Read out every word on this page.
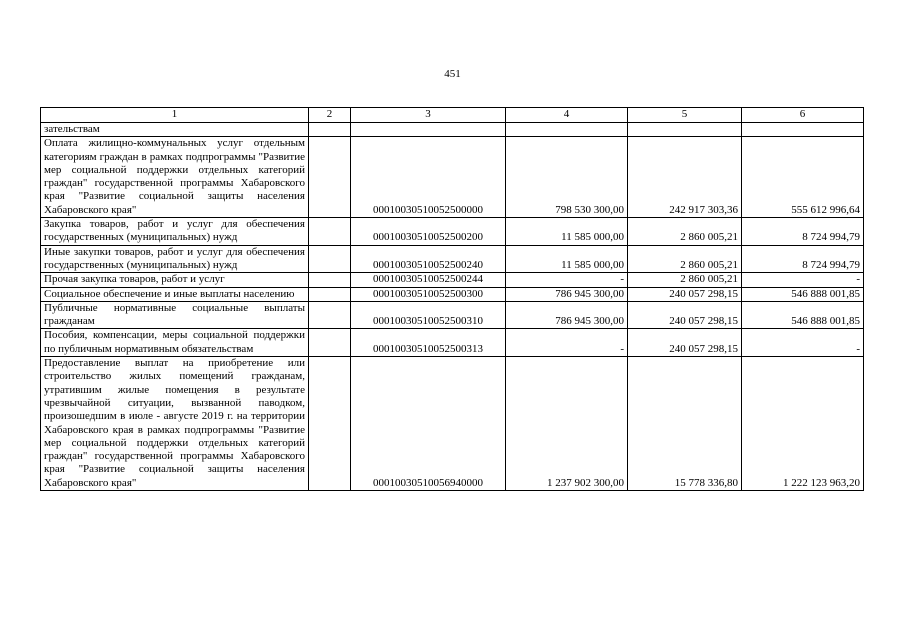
451
1	2	3	4	5	6
зательствам					
Оплата жилищно-коммунальных услуг отдельным категориям граждан в рамках подпрограммы "Развитие мер социальной поддержки отдельных категорий граждан" государственной программы Хабаровского края "Развитие социальной защиты населения Хабаровского края"		00010030510052500000	798 530 300,00	242 917 303,36	555 612 996,64
Закупка товаров, работ и услуг для обеспечения государственных (муниципальных) нужд		00010030510052500200	11 585 000,00	2 860 005,21	8 724 994,79
Иные закупки товаров, работ и услуг для обеспечения государственных (муниципальных) нужд		00010030510052500240	11 585 000,00	2 860 005,21	8 724 994,79
Прочая закупка товаров, работ и услуг		00010030510052500244	-	2 860 005,21	-
Социальное обеспечение и иные выплаты населению		00010030510052500300	786 945 300,00	240 057 298,15	546 888 001,85
Публичные нормативные социальные выплаты гражданам		00010030510052500310	786 945 300,00	240 057 298,15	546 888 001,85
Пособия, компенсации, меры социальной поддержки по публичным нормативным обязательствам		00010030510052500313	-	240 057 298,15	-
Предоставление выплат на приобретение или строительство жилых помещений гражданам, утратившим жилые помещения в результате чрезвычайной ситуации, вызванной паводком, произошедшим в июле - августе 2019 г. на территории Хабаровского края в рамках подпрограммы "Развитие мер социальной поддержки отдельных категорий граждан" государственной программы Хабаровского края "Развитие социальной защиты населения Хабаровского края"		00010030510056940000	1 237 902 300,00	15 778 336,80	1 222 123 963,20
